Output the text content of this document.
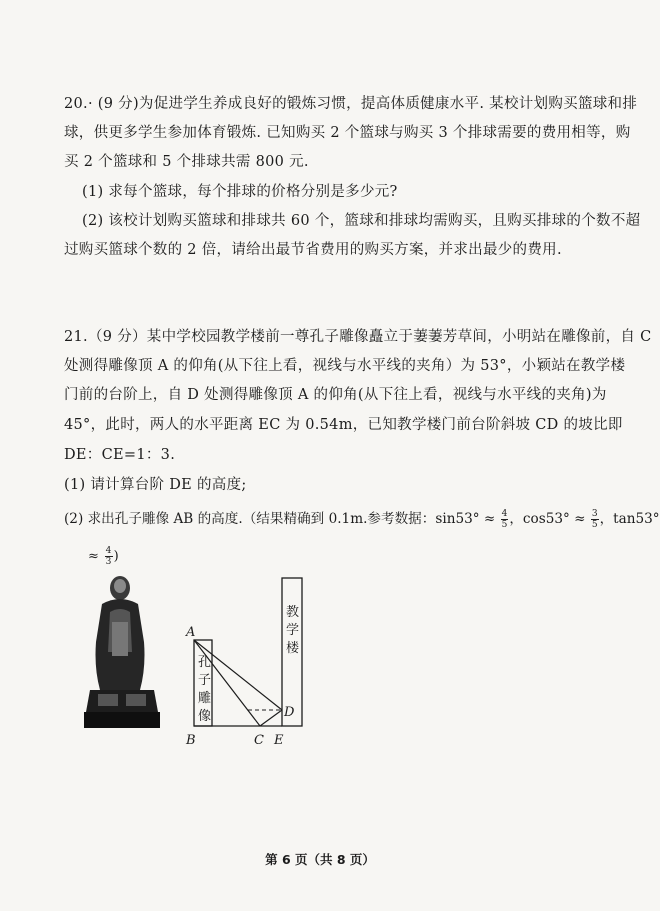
20.· (9 分)为促进学生养成良好的锻炼习惯，提高体质健康水平. 某校计划购买篮球和排
球，供更多学生参加体育锻炼. 已知购买 2 个篮球与购买 3 个排球需要的费用相等，购
买 2 个篮球和 5 个排球共需 800 元.
(1) 求每个篮球，每个排球的价格分别是多少元?
(2) 该校计划购买篮球和排球共 60 个，篮球和排球均需购买，且购买排球的个数不超
过购买篮球个数的 2 倍，请给出最节省费用的购买方案，并求出最少的费用.
21.（9 分）某中学校园教学楼前一尊孔子雕像矗立于萋萋芳草间，小明站在雕像前，自 C
处测得雕像顶 A 的仰角(从下往上看，视线与水平线的夹角）为 53°，小颖站在教学楼
门前的台阶上，自 D 处测得雕像顶 A 的仰角(从下往上看，视线与水平线的夹角)为
45°，此时，两人的水平距离 EC 为 0.54m，已知教学楼门前台阶斜坡 CD 的坡比即
DE：CE=1：3.
(1) 请计算台阶 DE 的高度;
(2) 求出孔子雕像 AB 的高度.（结果精确到 0.1m.参考数据：$\sin 53^\circ \approx \frac{4}{5}$ ，$\cos 53^\circ \approx \frac{3}{5}$ ，tan53°
≈ $\frac{4}{3}$ )
A
B	C
D
E
孔
子
雕
像
教
学
楼
第 6 页（共 8 页）
